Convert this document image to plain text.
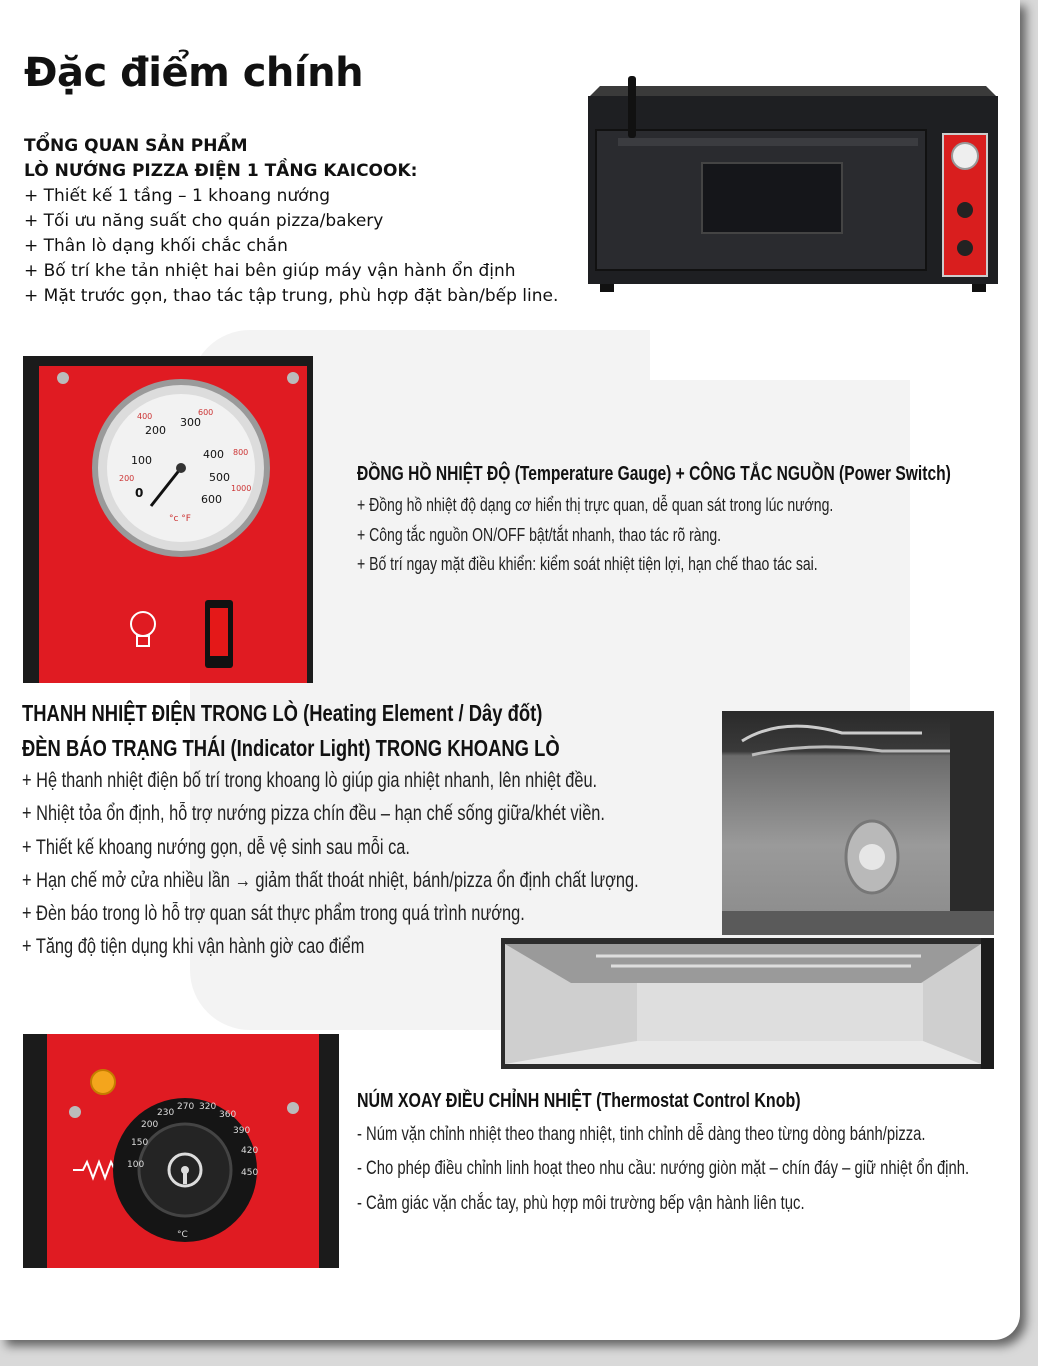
Đặc điểm chính
TỔNG QUAN SẢN PHẨM
LÒ NƯỚNG PIZZA ĐIỆN 1 TẦNG KAICOOK:
+ Thiết kế 1 tầng – 1 khoang nướng
+ Tối ưu năng suất cho quán pizza/bakery
+ Thân lò dạng khối chắc chắn
+ Bố trí khe tản nhiệt hai bên giúp máy vận hành ổn định
+ Mặt trước gọn, thao tác tập trung, phù hợp đặt bàn/bếp line.
200
300
100	400
500
0	600
200
400	600
800
1000
°c °F
ĐỒNG HỒ NHIỆT ĐỘ (Temperature Gauge) + CÔNG TẮC NGUỒN (Power Switch)
+ Đồng hồ nhiệt độ dạng cơ hiển thị trực quan, dễ quan sát trong lúc nướng.
+ Công tắc nguồn ON/OFF bật/tắt nhanh, thao tác rõ ràng.
+ Bố trí ngay mặt điều khiển: kiểm soát nhiệt tiện lợi, hạn chế thao tác sai.
THANH NHIỆT ĐIỆN TRONG LÒ (Heating Element / Dây đốt)
ĐÈN BÁO TRẠNG THÁI (Indicator Light) TRONG KHOANG LÒ
+ Hệ thanh nhiệt điện bố trí trong khoang lò giúp gia nhiệt nhanh, lên nhiệt đều.
+ Nhiệt tỏa ổn định, hỗ trợ nướng pizza chín đều – hạn chế sống giữa/khét viền.
+ Thiết kế khoang nướng gọn, dễ vệ sinh sau mỗi ca.
+ Hạn chế mở cửa nhiều lần → giảm thất thoát nhiệt, bánh/pizza ổn định chất lượng.
+ Đèn báo trong lò hỗ trợ quan sát thực phẩm trong quá trình nướng.
+ Tăng độ tiện dụng khi vận hành giờ cao điểm
100
150
200
230
270 320
360
390
420
450
°C
NÚM XOAY ĐIỀU CHỈNH NHIỆT (Thermostat Control Knob)
- Núm vặn chỉnh nhiệt theo thang nhiệt, tinh chỉnh dễ dàng theo từng dòng bánh/pizza.
- Cho phép điều chỉnh linh hoạt theo nhu cầu: nướng giòn mặt – chín đáy – giữ nhiệt ổn định.
- Cảm giác vặn chắc tay, phù hợp môi trường bếp vận hành liên tục.
